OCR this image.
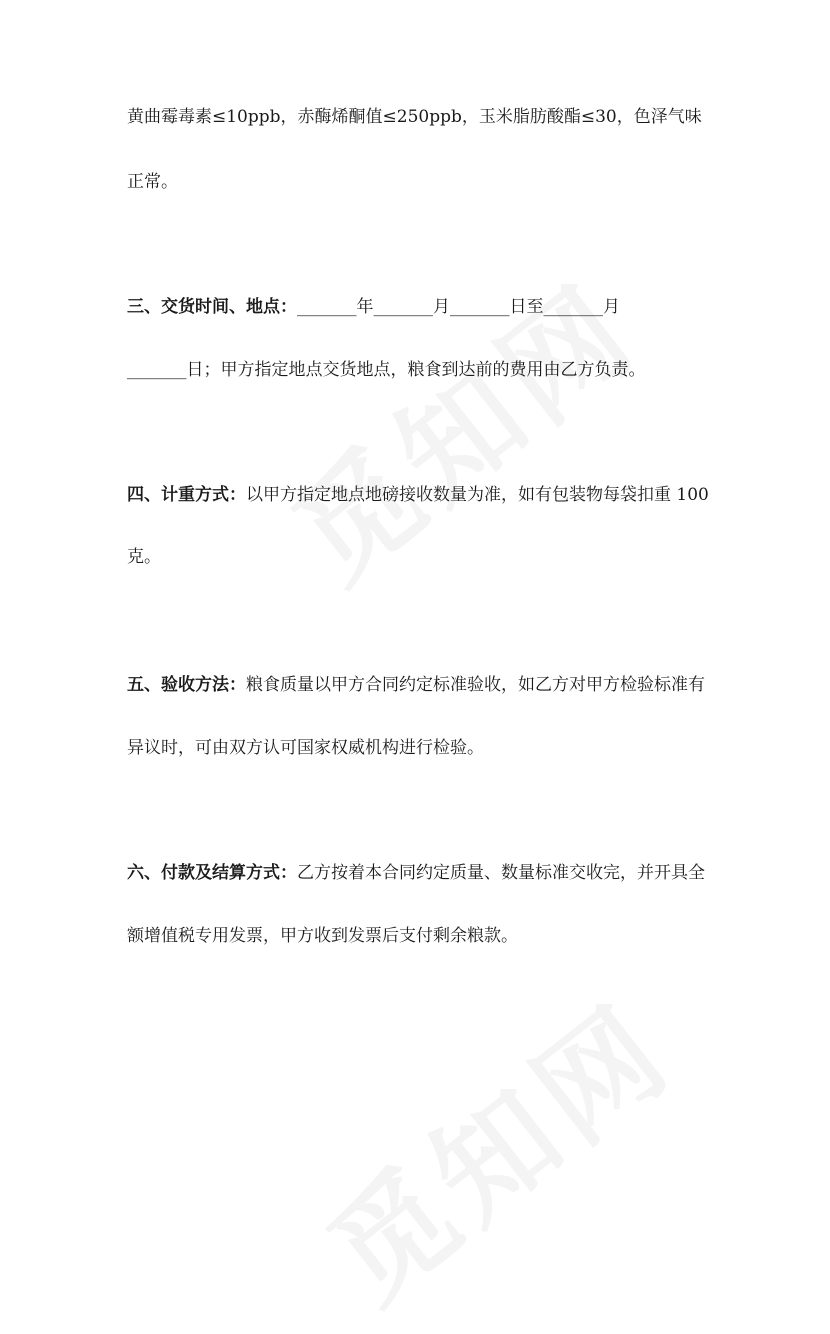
黄曲霉毒素≤10ppb，赤酶烯酮值≤250ppb，玉米脂肪酸酯≤30，色泽气味
正常。
三、交货时间、地点：_______年_______月_______日至_______月
_______日；甲方指定地点交货地点，粮食到达前的费用由乙方负责。
四、计重方式：以甲方指定地点地磅接收数量为准，如有包装物每袋扣重 100
克。
五、验收方法：粮食质量以甲方合同约定标准验收，如乙方对甲方检验标准有
异议时，可由双方认可国家权威机构进行检验。
六、付款及结算方式：乙方按着本合同约定质量、数量标准交收完，并开具全
额增值税专用发票，甲方收到发票后支付剩余粮款。
